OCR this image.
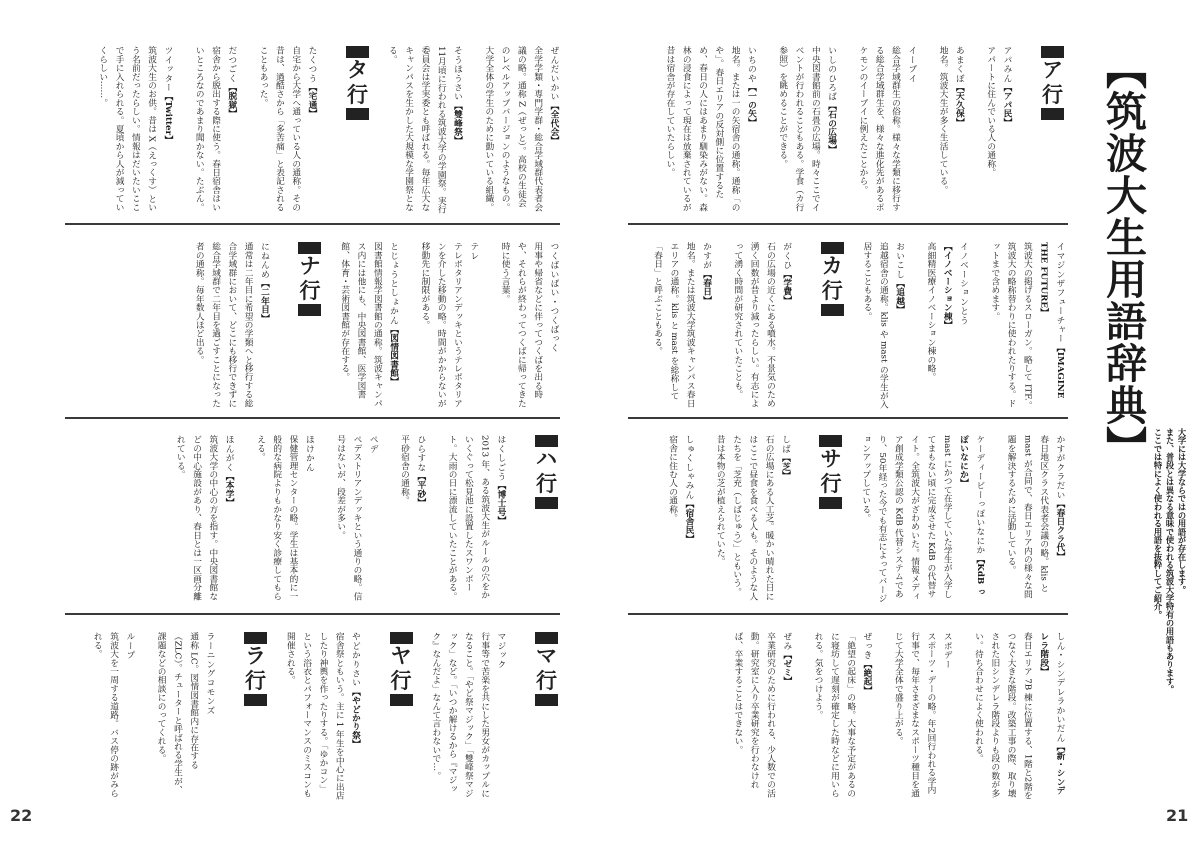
【筑波大生用語辞典】
大学には大学ならではの用語が存在します。
また、普段とは異なる意味で使われる筑波大学特有の用語もあります。
ここでは特によく使われる用語を抜粋してご紹介。
21
22
ア
行
アパみん【アパ民】
アパートに住んでいる人の通称。
あまくぼ【天久保】
地名。筑波大生が多く生活している。
イーブイ
総合学域群生の俗称。様々な学類に移行する総合学域群生を、様々な進化先があるポケモンのイーブイに例えたことから。
いしのひろば【石の広場】
中央図書館前の石畳の広場。時々ここでイベントが行われることもある。学食（カ行参照）を眺めることができる。
いちのや【一の矢】
地名。または一の矢宿舎の通称。通称「のや」。春日エリアの反対側に位置するため、春日の人にはあまり馴染みがない。森林の浸食によって現在は放棄されているが昔は宿舎が存在していたらしい。
イマジンザフューチャー【IMAGINE THE FUTURE】
筑波大の掲げるスローガン。略して ITF.。筑波大の略称替わりに使われたりする。ドットまで含めます。
イノベーションとう【イノベーション棟】
高細精医療イノベーション棟の略。
おいこし【追越】
追越宿舎の通称。klis や mast の学生が入居することもある。
カ
行
がくひ【学費】
石の広場の近くにある噴水。不景気のため湧く回数が昔より減ったらしい。有志によって湧く時間が研究されていたことも。
かすが【春日】
地名。または筑波大学筑波キャンパス春日エリアの通称。klis と mast を総称して「春日」と呼ぶこともある。
かすがクラだい【春日クラ代】
春日地区クラス代表者会議の略。klis と mast が合同で、春日エリア内の様々な問題を解決するために活動している。
ケーディービーっぽいなにか【KdB っぽいなにか】
mast にかつて在学していた学生が入学してまもない頃に完成させた KdB の代替サイト。全筑波大がざわめいた。情報メディア創成学類公認の KdB 代替システムであり、50年経った今でも有志によってバージョンアップしている。
サ
行
しば【芝】
石の広場にある人工芝。暖かい晴れた日にはここで昼食を食べる人も。そのような人たちを「芝充（しばじゅう）」ともいう。昔は本物の芝が植えられていた。
しゅくしゃみん【宿舎民】
宿舎に住む人の通称。
しん・シンデレラかいだん【新・シンデレラ階段】
春日エリア 7B 棟に位置する、1階と2階をつなぐ大きな階段。改築工事の際、取り壊された旧シンデレラ階段よりも段の数が多い。待ち合わせによく使われる。
スポデー
スポーツ・デーの略。年2回行われる学内行事で、毎年さまざまなスポーツ種目を通じて大学全体で盛り上がる。
ぜっき【絶起】
「絶望の起床」の略。大事な予定があるのに寝坊して遅刻が確定した時などに用いられる。気をつけよう。
ぜみ【ゼミ】
卒業研究のために行われる、少人数での活動。研究室に入り卒業研究を行わなければ、卒業することはできない。
ぜんだいかい【全代会】
全学学類・専門学群・総合学域群代表者会議の略。通称 Z（ぜっと）。高校の生徒会のレベルアップバージョンのようなもの。大学全体の学生のために動いている組織。
そうほうさい【雙峰祭】
11月頃に行われる筑波大学の学園祭。実行委員会は学実委とも呼ばれる。毎年広大なキャンパスを生かした大規模な学園祭となる。
タ
行
たくつう【宅通】
自宅から大学へ通っている人の通称。その昔は、過酷さから「多苦痛」と表記されることもあった。
だつごく【脱獄】
宿舎から脱出する際に使う。春日宿舎はいいところなのであまり聞かない。たぶん。
ツイッター【Twitter】
筑波大生のお供。昔は X（えっくす）という名前だったらしい。情報はだいたいここで手に入れられる。夏頃から人が減っていくらしい……。
つくばいばい・つくばっく
用事や帰省などに伴ってつくばを出る時や、それらが終わってつくばに帰ってきた時に使う言葉。
テレ
テレポタリアンデッキというテレポタリアンを介した移動の略。時間がかからないが移動先に制限がある。
とじょうとしょかん【図情図書館】
図書館情報学図書館の通称。筑波キャンパス内には他にも、中央図書館、医学図書館、体育・芸術図書館が存在する。
ナ
行
にねんめ【二年目】
通常は二年目に希望の学類へと移行する総合学域群において、どこにも移行できずに総合学域群で二年目を過ごすことになった者の通称。毎年数人ほど出る。
ハ
行
はくしごう【博士号】
2013 年、ある筑波大生がルールの穴をかいくぐって松見池に設置したスワンボート。大雨の日に漂流していたことがある。
ひらすな【平砂】
平砂宿舎の通称。
ペデ
ペデストリアンデッキという通りの略。信号はないが、段差が多い。
ほけかん
保健管理センターの略。学生は基本的に一般的な病院よりもかなり安く診療してもらえる。
ほんがく【本学】
筑波大学の中心の方を指す。中央図書館などの中心施設があり、春日とは一区画分離れている。
マ
行
マジック
行事等で苦楽を共にした男女がカップルになること。「やど祭マジック」「雙峰祭マジック」など。「いつか解けるから『マジック』なんだよ」なんて言わないで…。
ヤ
行
やどかりさい【やどかり祭】
宿舎祭ともいう。主に 1 年生を中心に出店したり神輿を作ったりする。「ゆかコン」という浴衣とパフォーマンスのミスコンも開催される。
ラ
行
ラーニングコモンズ
通称 LC。図情図書館内に存在する（ZLC）。チューターと呼ばれる学生が、課題などの相談にのってくれる。
ループ
筑波大を一周する道路。バス停の跡がみられる。
